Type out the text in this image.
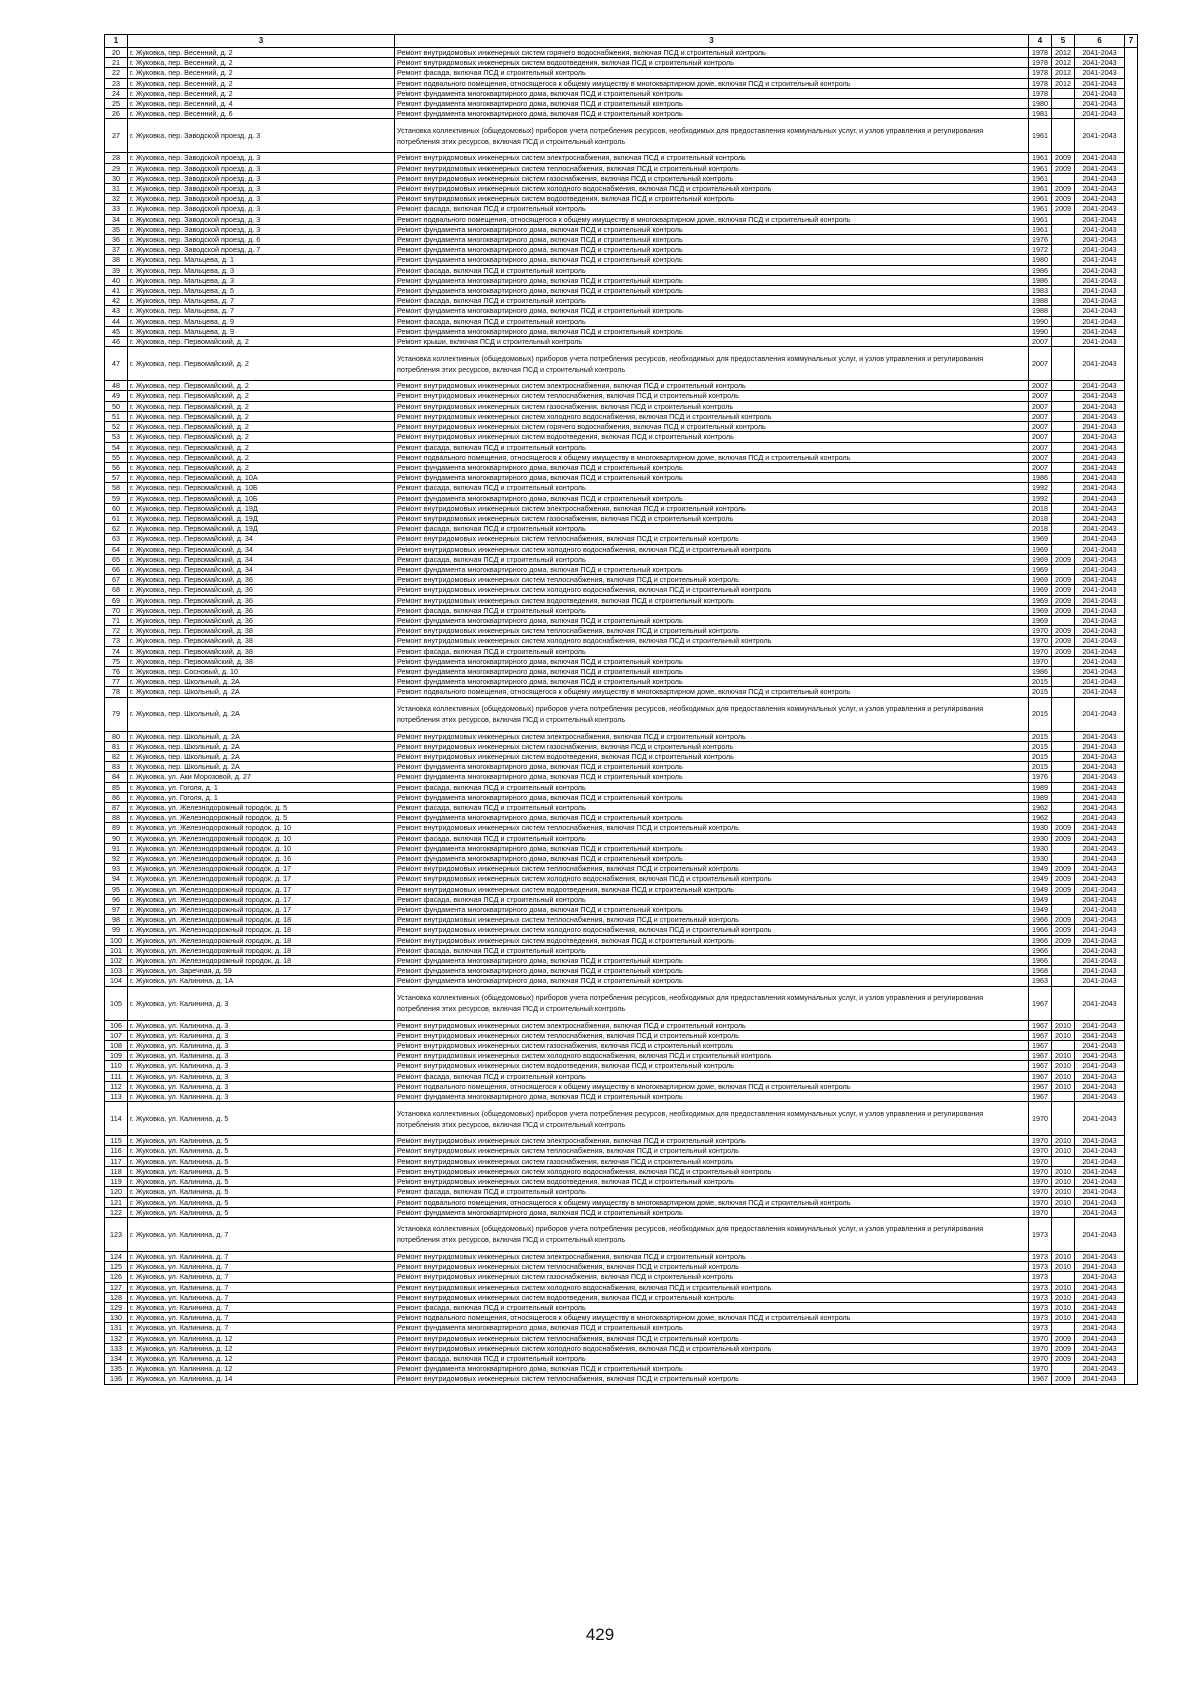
1	3	3	4	5	6	7
20	г. Жуковка, пер. Весенний, д. 2	Ремонт внутридомовых инженерных систем горячего водоснабжения, включая ПСД и строительный контроль	1978	2012	2041-2043	
21	г. Жуковка, пер. Весенний, д. 2	Ремонт внутридомовых инженерных систем водоотведения, включая ПСД и строительный контроль	1978	2012	2041-2043	
22	г. Жуковка, пер. Весенний, д. 2	Ремонт фасада, включая ПСД и строительный контроль	1978	2012	2041-2043	
23	г. Жуковка, пер. Весенний, д. 2	Ремонт подвального помещения, относящегося к общему имуществу в многоквартирном доме, включая ПСД и строительный контроль	1978	2012	2041-2043	
24	г. Жуковка, пер. Весенний, д. 2	Ремонт фундамента многоквартирного дома, включая ПСД и строительный контроль	1978		2041-2043	
25	г. Жуковка, пер. Весенний, д. 4	Ремонт фундамента многоквартирного дома, включая ПСД и строительный контроль	1980		2041-2043	
26	г. Жуковка, пер. Весенний, д. 6	Ремонт фундамента многоквартирного дома, включая ПСД и строительный контроль	1981		2041-2043	
27	г. Жуковка, пер. Заводской проезд, д. 3	Установка коллективных (общедомовых) приборов учета потребления ресурсов, необходимых для предоставления коммунальных услуг, и узлов управления и регулирования потребления этих ресурсов, включая ПСД и строительный контроль	1961		2041-2043	
28	г. Жуковка, пер. Заводской проезд, д. 3	Ремонт внутридомовых инженерных систем электроснабжения, включая ПСД и строительный контроль	1961	2009	2041-2043	
29	г. Жуковка, пер. Заводской проезд, д. 3	Ремонт внутридомовых инженерных систем теплоснабжения, включая ПСД и строительный контроль	1961	2009	2041-2043	
30	г. Жуковка, пер. Заводской проезд, д. 3	Ремонт внутридомовых инженерных систем газоснабжения, включая ПСД и строительный контроль	1961		2041-2043	
31	г. Жуковка, пер. Заводской проезд, д. 3	Ремонт внутридомовых инженерных систем холодного водоснабжения, включая ПСД и строительный контроль	1961	2009	2041-2043	
32	г. Жуковка, пер. Заводской проезд, д. 3	Ремонт внутридомовых инженерных систем водоотведения, включая ПСД и строительный контроль	1961	2009	2041-2043	
33	г. Жуковка, пер. Заводской проезд, д. 3	Ремонт фасада, включая ПСД и строительный контроль	1961	2009	2041-2043	
34	г. Жуковка, пер. Заводской проезд, д. 3	Ремонт подвального помещения, относящегося к общему имуществу в многоквартирном доме, включая ПСД и строительный контроль	1961		2041-2043	
35	г. Жуковка, пер. Заводской проезд, д. 3	Ремонт фундамента многоквартирного дома, включая ПСД и строительный контроль	1961		2041-2043	
36	г. Жуковка, пер. Заводской проезд, д. 6	Ремонт фундамента многоквартирного дома, включая ПСД и строительный контроль	1976		2041-2043	
37	г. Жуковка, пер. Заводской проезд, д. 7	Ремонт фундамента многоквартирного дома, включая ПСД и строительный контроль	1972		2041-2043	
38	г. Жуковка, пер. Мальцева, д. 1	Ремонт фундамента многоквартирного дома, включая ПСД и строительный контроль	1980		2041-2043	
39	г. Жуковка, пер. Мальцева, д. 3	Ремонт фасада, включая ПСД и строительный контроль	1986		2041-2043	
40	г. Жуковка, пер. Мальцева, д. 3	Ремонт фундамента многоквартирного дома, включая ПСД и строительный контроль	1986		2041-2043	
41	г. Жуковка, пер. Мальцева, д. 5	Ремонт фундамента многоквартирного дома, включая ПСД и строительный контроль	1983		2041-2043	
42	г. Жуковка, пер. Мальцева, д. 7	Ремонт фасада, включая ПСД и строительный контроль	1988		2041-2043	
43	г. Жуковка, пер. Мальцева, д. 7	Ремонт фундамента многоквартирного дома, включая ПСД и строительный контроль	1988		2041-2043	
44	г. Жуковка, пер. Мальцева, д. 9	Ремонт фасада, включая ПСД и строительный контроль	1990		2041-2043	
45	г. Жуковка, пер. Мальцева, д. 9	Ремонт фундамента многоквартирного дома, включая ПСД и строительный контроль	1990		2041-2043	
46	г. Жуковка, пер. Первомайский, д. 2	Ремонт крыши, включая ПСД и строительный контроль	2007		2041-2043	
47	г. Жуковка, пер. Первомайский, д. 2	Установка коллективных (общедомовых) приборов учета потребления ресурсов, необходимых для предоставления коммунальных услуг, и узлов управления и регулирования потребления этих ресурсов, включая ПСД и строительный контроль	2007		2041-2043	
48	г. Жуковка, пер. Первомайский, д. 2	Ремонт внутридомовых инженерных систем электроснабжения, включая ПСД и строительный контроль	2007		2041-2043	
49	г. Жуковка, пер. Первомайский, д. 2	Ремонт внутридомовых инженерных систем теплоснабжения, включая ПСД и строительный контроль	2007		2041-2043	
50	г. Жуковка, пер. Первомайский, д. 2	Ремонт внутридомовых инженерных систем газоснабжения, включая ПСД и строительный контроль	2007		2041-2043	
51	г. Жуковка, пер. Первомайский, д. 2	Ремонт внутридомовых инженерных систем холодного водоснабжения, включая ПСД и строительный контроль	2007		2041-2043	
52	г. Жуковка, пер. Первомайский, д. 2	Ремонт внутридомовых инженерных систем горячего водоснабжения, включая ПСД и строительный контроль	2007		2041-2043	
53	г. Жуковка, пер. Первомайский, д. 2	Ремонт внутридомовых инженерных систем водоотведения, включая ПСД и строительный контроль	2007		2041-2043	
54	г. Жуковка, пер. Первомайский, д. 2	Ремонт фасада, включая ПСД и строительный контроль	2007		2041-2043	
55	г. Жуковка, пер. Первомайский, д. 2	Ремонт подвального помещения, относящегося к общему имуществу в многоквартирном доме, включая ПСД и строительный контроль	2007		2041-2043	
56	г. Жуковка, пер. Первомайский, д. 2	Ремонт фундамента многоквартирного дома, включая ПСД и строительный контроль	2007		2041-2043	
57	г. Жуковка, пер. Первомайский, д. 10А	Ремонт фундамента многоквартирного дома, включая ПСД и строительный контроль	1986		2041-2043	
58	г. Жуковка, пер. Первомайский, д. 10Б	Ремонт фасада, включая ПСД и строительный контроль	1992		2041-2043	
59	г. Жуковка, пер. Первомайский, д. 10Б	Ремонт фундамента многоквартирного дома, включая ПСД и строительный контроль	1992		2041-2043	
60	г. Жуковка, пер. Первомайский, д. 19Д	Ремонт внутридомовых инженерных систем электроснабжения, включая ПСД и строительный контроль	2018		2041-2043	
61	г. Жуковка, пер. Первомайский, д. 19Д	Ремонт внутридомовых инженерных систем газоснабжения, включая ПСД и строительный контроль	2018		2041-2043	
62	г. Жуковка, пер. Первомайский, д. 19Д	Ремонт фасада, включая ПСД и строительный контроль	2018		2041-2043	
63	г. Жуковка, пер. Первомайский, д. 34	Ремонт внутридомовых инженерных систем теплоснабжения, включая ПСД и строительный контроль	1969		2041-2043	
64	г. Жуковка, пер. Первомайский, д. 34	Ремонт внутридомовых инженерных систем холодного водоснабжения, включая ПСД и строительный контроль	1969		2041-2043	
65	г. Жуковка, пер. Первомайский, д. 34	Ремонт фасада, включая ПСД и строительный контроль	1969	2009	2041-2043	
66	г. Жуковка, пер. Первомайский, д. 34	Ремонт фундамента многоквартирного дома, включая ПСД и строительный контроль	1969		2041-2043	
67	г. Жуковка, пер. Первомайский, д. 36	Ремонт внутридомовых инженерных систем теплоснабжения, включая ПСД и строительный контроль	1969	2009	2041-2043	
68	г. Жуковка, пер. Первомайский, д. 36	Ремонт внутридомовых инженерных систем холодного водоснабжения, включая ПСД и строительный контроль	1969	2009	2041-2043	
69	г. Жуковка, пер. Первомайский, д. 36	Ремонт внутридомовых инженерных систем водоотведения, включая ПСД и строительный контроль	1969	2009	2041-2043	
70	г. Жуковка, пер. Первомайский, д. 36	Ремонт фасада, включая ПСД и строительный контроль	1969	2009	2041-2043	
71	г. Жуковка, пер. Первомайский, д. 36	Ремонт фундамента многоквартирного дома, включая ПСД и строительный контроль	1969		2041-2043	
72	г. Жуковка, пер. Первомайский, д. 38	Ремонт внутридомовых инженерных систем теплоснабжения, включая ПСД и строительный контроль	1970	2009	2041-2043	
73	г. Жуковка, пер. Первомайский, д. 38	Ремонт внутридомовых инженерных систем холодного водоснабжения, включая ПСД и строительный контроль	1970	2009	2041-2043	
74	г. Жуковка, пер. Первомайский, д. 38	Ремонт фасада, включая ПСД и строительный контроль	1970	2009	2041-2043	
75	г. Жуковка, пер. Первомайский, д. 38	Ремонт фундамента многоквартирного дома, включая ПСД и строительный контроль	1970		2041-2043	
76	г. Жуковка, пер. Сосновый, д. 10	Ремонт фундамента многоквартирного дома, включая ПСД и строительный контроль	1986		2041-2043	
77	г. Жуковка, пер. Школьный, д. 2А	Ремонт фундамента многоквартирного дома, включая ПСД и строительный контроль	2015		2041-2043	
78	г. Жуковка, пер. Школьный, д. 2А	Ремонт подвального помещения, относящегося к общему имуществу в многоквартирном доме, включая ПСД и строительный контроль	2015		2041-2043	
79	г. Жуковка, пер. Школьный, д. 2А	Установка коллективных (общедомовых) приборов учета потребления ресурсов, необходимых для предоставления коммунальных услуг, и узлов управления и регулирования потребления этих ресурсов, включая ПСД и строительный контроль	2015		2041-2043	
80	г. Жуковка, пер. Школьный, д. 2А	Ремонт внутридомовых инженерных систем электроснабжения, включая ПСД и строительный контроль	2015		2041-2043	
81	г. Жуковка, пер. Школьный, д. 2А	Ремонт внутридомовых инженерных систем газоснабжения, включая ПСД и строительный контроль	2015		2041-2043	
82	г. Жуковка, пер. Школьный, д. 2А	Ремонт внутридомовых инженерных систем водоотведения, включая ПСД и строительный контроль	2015		2041-2043	
83	г. Жуковка, пер. Школьный, д. 2А	Ремонт фундамента многоквартирного дома, включая ПСД и строительный контроль	2015		2041-2043	
84	г. Жуковка, ул. Аки Морозовой, д. 27	Ремонт фундамента многоквартирного дома, включая ПСД и строительный контроль	1976		2041-2043	
85	г. Жуковка, ул. Гоголя, д. 1	Ремонт фасада, включая ПСД и строительный контроль	1989		2041-2043	
86	г. Жуковка, ул. Гоголя, д. 1	Ремонт фундамента многоквартирного дома, включая ПСД и строительный контроль	1989		2041-2043	
87	г. Жуковка, ул. Железнодорожный городок, д. 5	Ремонт фасада, включая ПСД и строительный контроль	1962		2041-2043	
88	г. Жуковка, ул. Железнодорожный городок, д. 5	Ремонт фундамента многоквартирного дома, включая ПСД и строительный контроль	1962		2041-2043	
89	г. Жуковка, ул. Железнодорожный городок, д. 10	Ремонт внутридомовых инженерных систем теплоснабжения, включая ПСД и строительный контроль	1930	2009	2041-2043	
90	г. Жуковка, ул. Железнодорожный городок, д. 10	Ремонт фасада, включая ПСД и строительный контроль	1930	2009	2041-2043	
91	г. Жуковка, ул. Железнодорожный городок, д. 10	Ремонт фундамента многоквартирного дома, включая ПСД и строительный контроль	1930		2041-2043	
92	г. Жуковка, ул. Железнодорожный городок, д. 16	Ремонт фундамента многоквартирного дома, включая ПСД и строительный контроль	1930		2041-2043	
93	г. Жуковка, ул. Железнодорожный городок, д. 17	Ремонт внутридомовых инженерных систем теплоснабжения, включая ПСД и строительный контроль	1949	2009	2041-2043	
94	г. Жуковка, ул. Железнодорожный городок, д. 17	Ремонт внутридомовых инженерных систем холодного водоснабжения, включая ПСД и строительный контроль	1949	2009	2041-2043	
95	г. Жуковка, ул. Железнодорожный городок, д. 17	Ремонт внутридомовых инженерных систем водоотведения, включая ПСД и строительный контроль	1949	2009	2041-2043	
96	г. Жуковка, ул. Железнодорожный городок, д. 17	Ремонт фасада, включая ПСД и строительный контроль	1949		2041-2043	
97	г. Жуковка, ул. Железнодорожный городок, д. 17	Ремонт фундамента многоквартирного дома, включая ПСД и строительный контроль	1949		2041-2043	
98	г. Жуковка, ул. Железнодорожный городок, д. 18	Ремонт внутридомовых инженерных систем теплоснабжения, включая ПСД и строительный контроль	1966	2009	2041-2043	
99	г. Жуковка, ул. Железнодорожный городок, д. 18	Ремонт внутридомовых инженерных систем холодного водоснабжения, включая ПСД и строительный контроль	1966	2009	2041-2043	
100	г. Жуковка, ул. Железнодорожный городок, д. 18	Ремонт внутридомовых инженерных систем водоотведения, включая ПСД и строительный контроль	1966	2009	2041-2043	
101	г. Жуковка, ул. Железнодорожный городок, д. 18	Ремонт фасада, включая ПСД и строительный контроль	1966		2041-2043	
102	г. Жуковка, ул. Железнодорожный городок, д. 18	Ремонт фундамента многоквартирного дома, включая ПСД и строительный контроль	1966		2041-2043	
103	г. Жуковка, ул. Заречная, д. 59	Ремонт фундамента многоквартирного дома, включая ПСД и строительный контроль	1968		2041-2043	
104	г. Жуковка, ул. Калинина, д. 1А	Ремонт фундамента многоквартирного дома, включая ПСД и строительный контроль	1963		2041-2043	
105	г. Жуковка, ул. Калинина, д. 3	Установка коллективных (общедомовых) приборов учета потребления ресурсов, необходимых для предоставления коммунальных услуг, и узлов управления и регулирования потребления этих ресурсов, включая ПСД и строительный контроль	1967		2041-2043	
106	г. Жуковка, ул. Калинина, д. 3	Ремонт внутридомовых инженерных систем электроснабжения, включая ПСД и строительный контроль	1967	2010	2041-2043	
107	г. Жуковка, ул. Калинина, д. 3	Ремонт внутридомовых инженерных систем теплоснабжения, включая ПСД и строительный контроль	1967	2010	2041-2043	
108	г. Жуковка, ул. Калинина, д. 3	Ремонт внутридомовых инженерных систем газоснабжения, включая ПСД и строительный контроль	1967		2041-2043	
109	г. Жуковка, ул. Калинина, д. 3	Ремонт внутридомовых инженерных систем холодного водоснабжения, включая ПСД и строительный контроль	1967	2010	2041-2043	
110	г. Жуковка, ул. Калинина, д. 3	Ремонт внутридомовых инженерных систем водоотведения, включая ПСД и строительный контроль	1967	2010	2041-2043	
111	г. Жуковка, ул. Калинина, д. 3	Ремонт фасада, включая ПСД и строительный контроль	1967	2010	2041-2043	
112	г. Жуковка, ул. Калинина, д. 3	Ремонт подвального помещения, относящегося к общему имуществу в многоквартирном доме, включая ПСД и строительный контроль	1967	2010	2041-2043	
113	г. Жуковка, ул. Калинина, д. 3	Ремонт фундамента многоквартирного дома, включая ПСД и строительный контроль	1967		2041-2043	
114	г. Жуковка, ул. Калинина, д. 5	Установка коллективных (общедомовых) приборов учета потребления ресурсов, необходимых для предоставления коммунальных услуг, и узлов управления и регулирования потребления этих ресурсов, включая ПСД и строительный контроль	1970		2041-2043	
115	г. Жуковка, ул. Калинина, д. 5	Ремонт внутридомовых инженерных систем электроснабжения, включая ПСД и строительный контроль	1970	2010	2041-2043	
116	г. Жуковка, ул. Калинина, д. 5	Ремонт внутридомовых инженерных систем теплоснабжения, включая ПСД и строительный контроль	1970	2010	2041-2043	
117	г. Жуковка, ул. Калинина, д. 5	Ремонт внутридомовых инженерных систем газоснабжения, включая ПСД и строительный контроль	1970		2041-2043	
118	г. Жуковка, ул. Калинина, д. 5	Ремонт внутридомовых инженерных систем холодного водоснабжения, включая ПСД и строительный контроль	1970	2010	2041-2043	
119	г. Жуковка, ул. Калинина, д. 5	Ремонт внутридомовых инженерных систем водоотведения, включая ПСД и строительный контроль	1970	2010	2041-2043	
120	г. Жуковка, ул. Калинина, д. 5	Ремонт фасада, включая ПСД и строительный контроль	1970	2010	2041-2043	
121	г. Жуковка, ул. Калинина, д. 5	Ремонт подвального помещения, относящегося к общему имуществу в многоквартирном доме, включая ПСД и строительный контроль	1970	2010	2041-2043	
122	г. Жуковка, ул. Калинина, д. 5	Ремонт фундамента многоквартирного дома, включая ПСД и строительный контроль	1970		2041-2043	
123	г. Жуковка, ул. Калинина, д. 7	Установка коллективных (общедомовых) приборов учета потребления ресурсов, необходимых для предоставления коммунальных услуг, и узлов управления и регулирования потребления этих ресурсов, включая ПСД и строительный контроль	1973		2041-2043	
124	г. Жуковка, ул. Калинина, д. 7	Ремонт внутридомовых инженерных систем электроснабжения, включая ПСД и строительный контроль	1973	2010	2041-2043	
125	г. Жуковка, ул. Калинина, д. 7	Ремонт внутридомовых инженерных систем теплоснабжения, включая ПСД и строительный контроль	1973	2010	2041-2043	
126	г. Жуковка, ул. Калинина, д. 7	Ремонт внутридомовых инженерных систем газоснабжения, включая ПСД и строительный контроль	1973		2041-2043	
127	г. Жуковка, ул. Калинина, д. 7	Ремонт внутридомовых инженерных систем холодного водоснабжения, включая ПСД и строительный контроль	1973	2010	2041-2043	
128	г. Жуковка, ул. Калинина, д. 7	Ремонт внутридомовых инженерных систем водоотведения, включая ПСД и строительный контроль	1973	2010	2041-2043	
129	г. Жуковка, ул. Калинина, д. 7	Ремонт фасада, включая ПСД и строительный контроль	1973	2010	2041-2043	
130	г. Жуковка, ул. Калинина, д. 7	Ремонт подвального помещения, относящегося к общему имуществу в многоквартирном доме, включая ПСД и строительный контроль	1973	2010	2041-2043	
131	г. Жуковка, ул. Калинина, д. 7	Ремонт фундамента многоквартирного дома, включая ПСД и строительный контроль	1973		2041-2043	
132	г. Жуковка, ул. Калинина, д. 12	Ремонт внутридомовых инженерных систем теплоснабжения, включая ПСД и строительный контроль	1970	2009	2041-2043	
133	г. Жуковка, ул. Калинина, д. 12	Ремонт внутридомовых инженерных систем холодного водоснабжения, включая ПСД и строительный контроль	1970	2009	2041-2043	
134	г. Жуковка, ул. Калинина, д. 12	Ремонт фасада, включая ПСД и строительный контроль	1970	2009	2041-2043	
135	г. Жуковка, ул. Калинина, д. 12	Ремонт фундамента многоквартирного дома, включая ПСД и строительный контроль	1970		2041-2043	
136	г. Жуковка, ул. Калинина, д. 14	Ремонт внутридомовых инженерных систем теплоснабжения, включая ПСД и строительный контроль	1967	2009	2041-2043	
429
